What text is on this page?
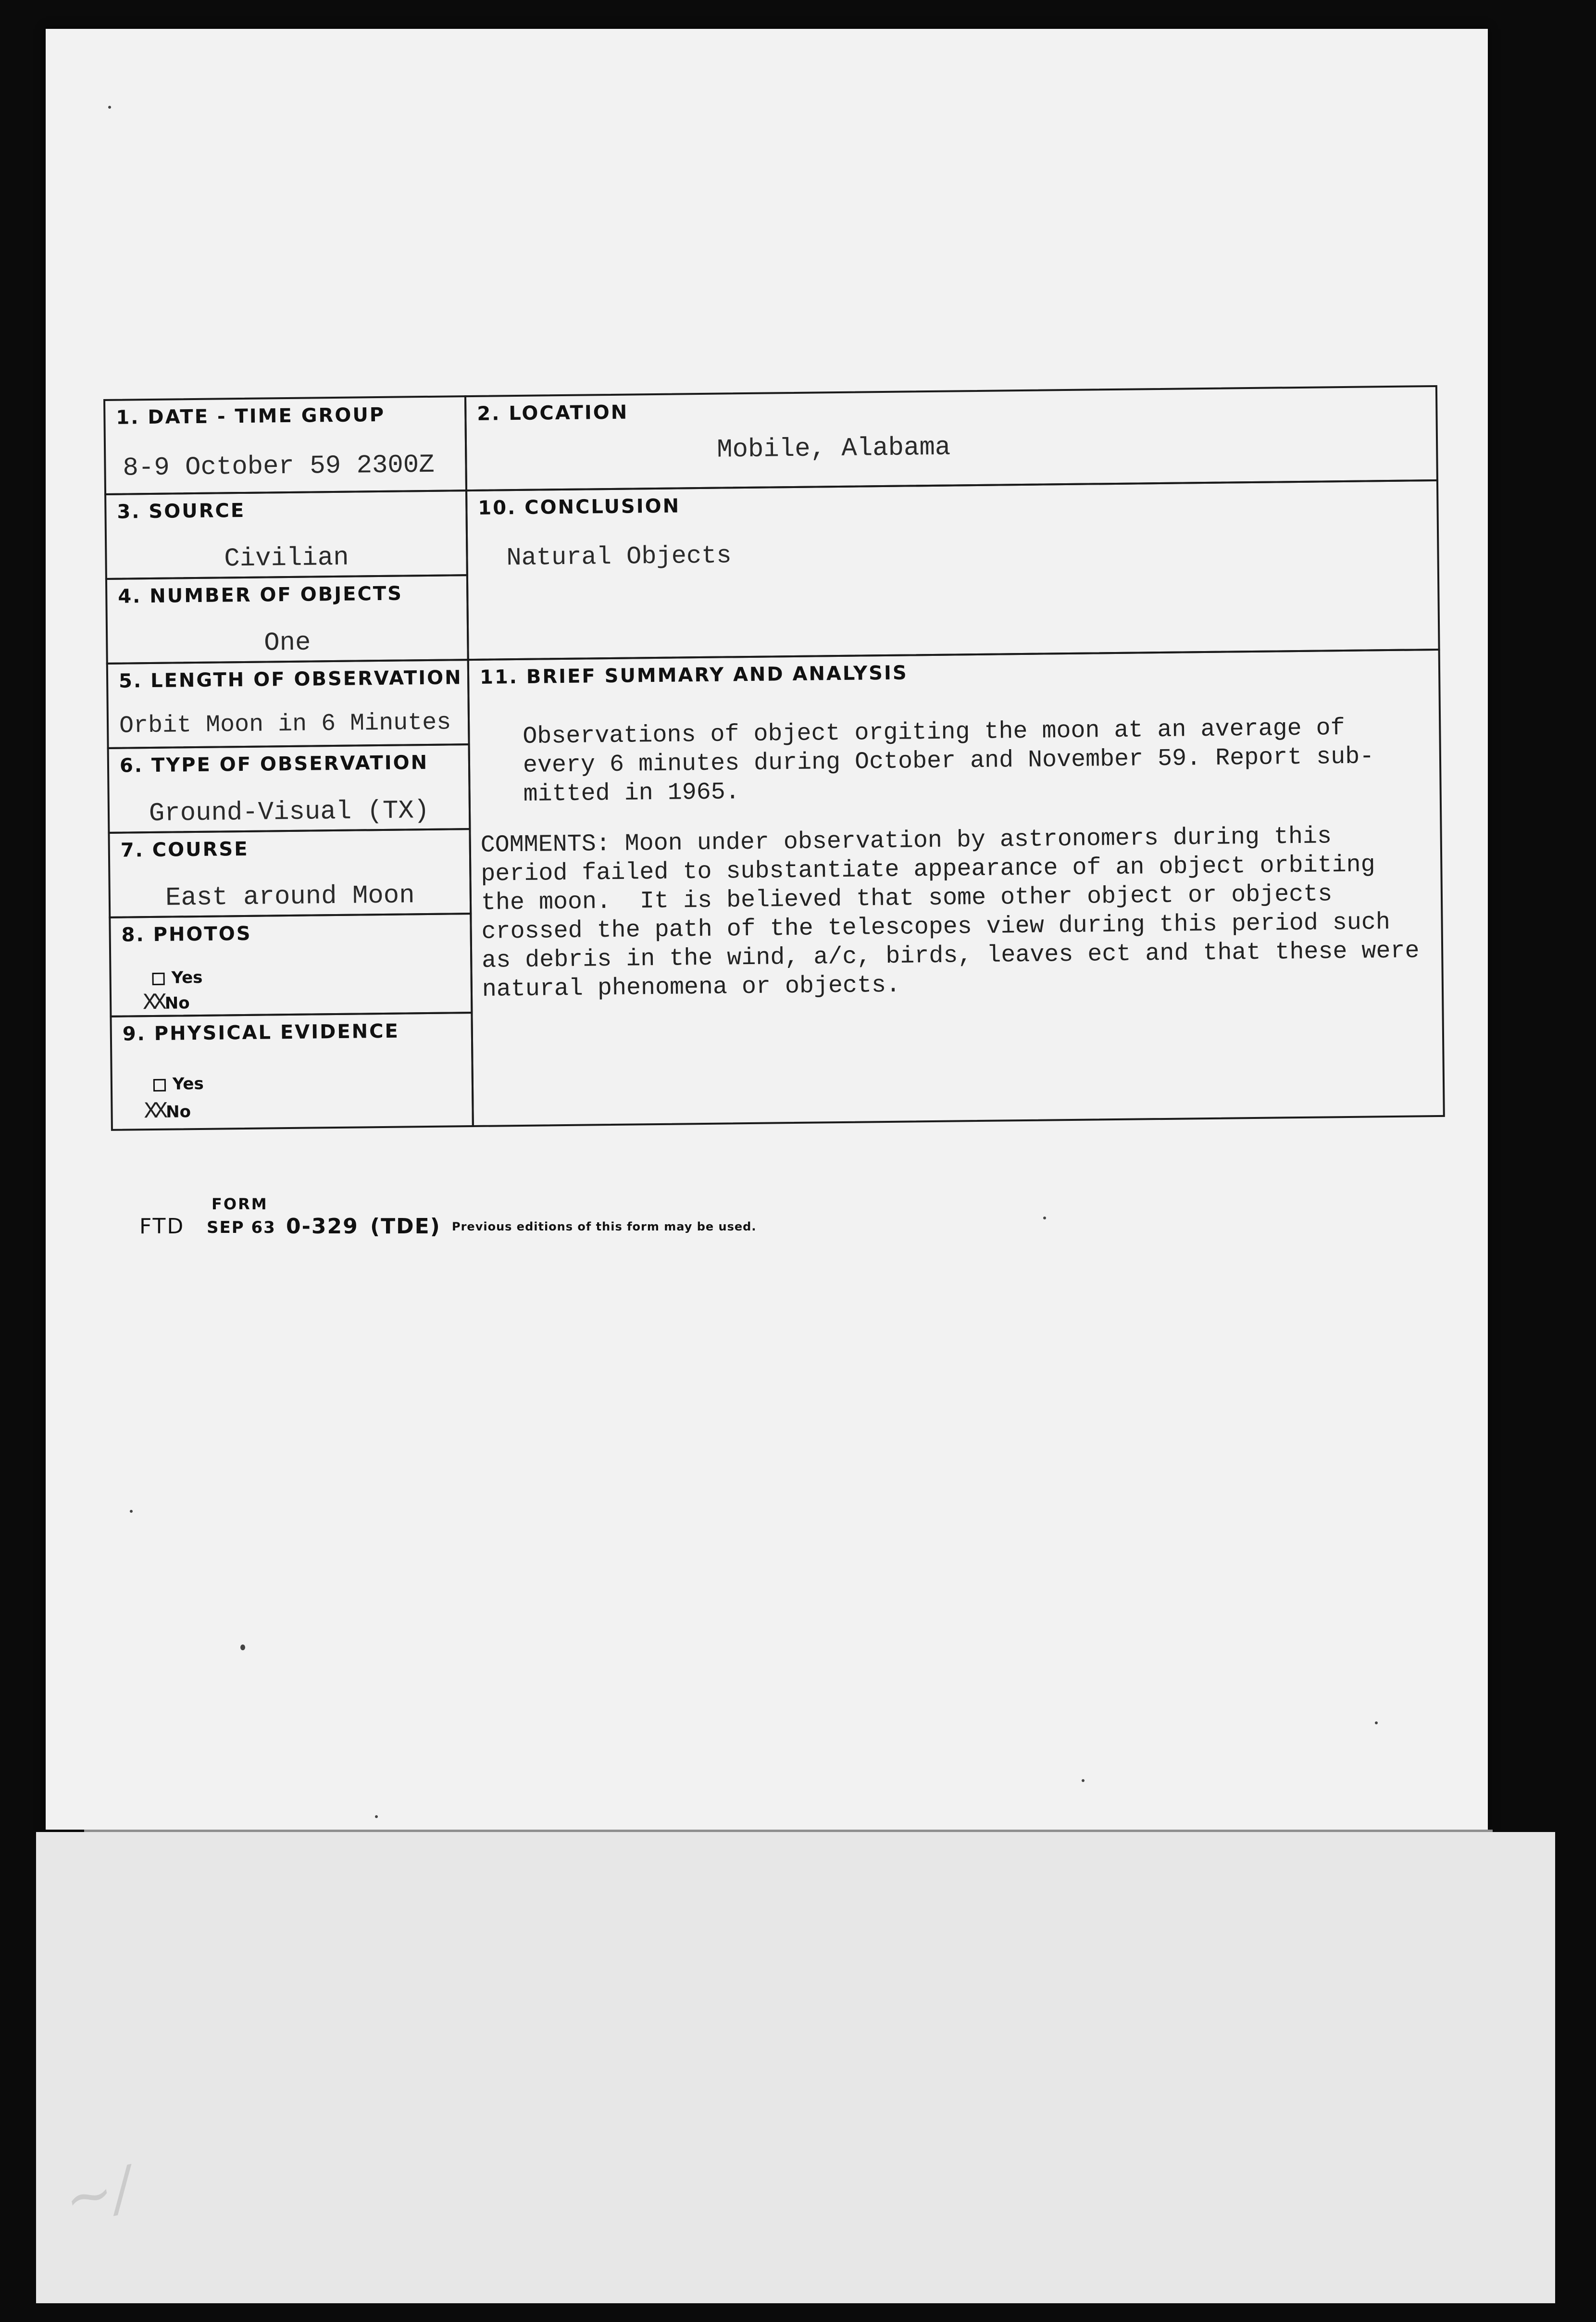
~/
1. DATE - TIME GROUP
8-9 October 59 2300Z
2. LOCATION
Mobile, Alabama
3. SOURCE
Civilian
4. NUMBER OF OBJECTS
One
10. CONCLUSION
Natural Objects
5. LENGTH OF OBSERVATION
Orbit Moon in 6 Minutes
6. TYPE OF OBSERVATION
Ground-Visual (TX)
7. COURSE
East around Moon
8. PHOTOS
Yes
XX No
9. PHYSICAL EVIDENCE
Yes
XX No
11. BRIEF SUMMARY AND ANALYSIS
Observations of object orgiting the moon at an average of
every 6 minutes during October and November 59. Report sub-
mitted in 1965.
COMMENTS: Moon under observation by astronomers during this
period failed to substantiate appearance of an object orbiting
the moon.  It is believed that some other object or objects
crossed the path of the telescopes view during this period such
as debris in the wind, a/c, birds, leaves ect and that these were
natural phenomena or objects.
FORM
FTD SEP 63 0-329 (TDE) Previous editions of this form may be used.
